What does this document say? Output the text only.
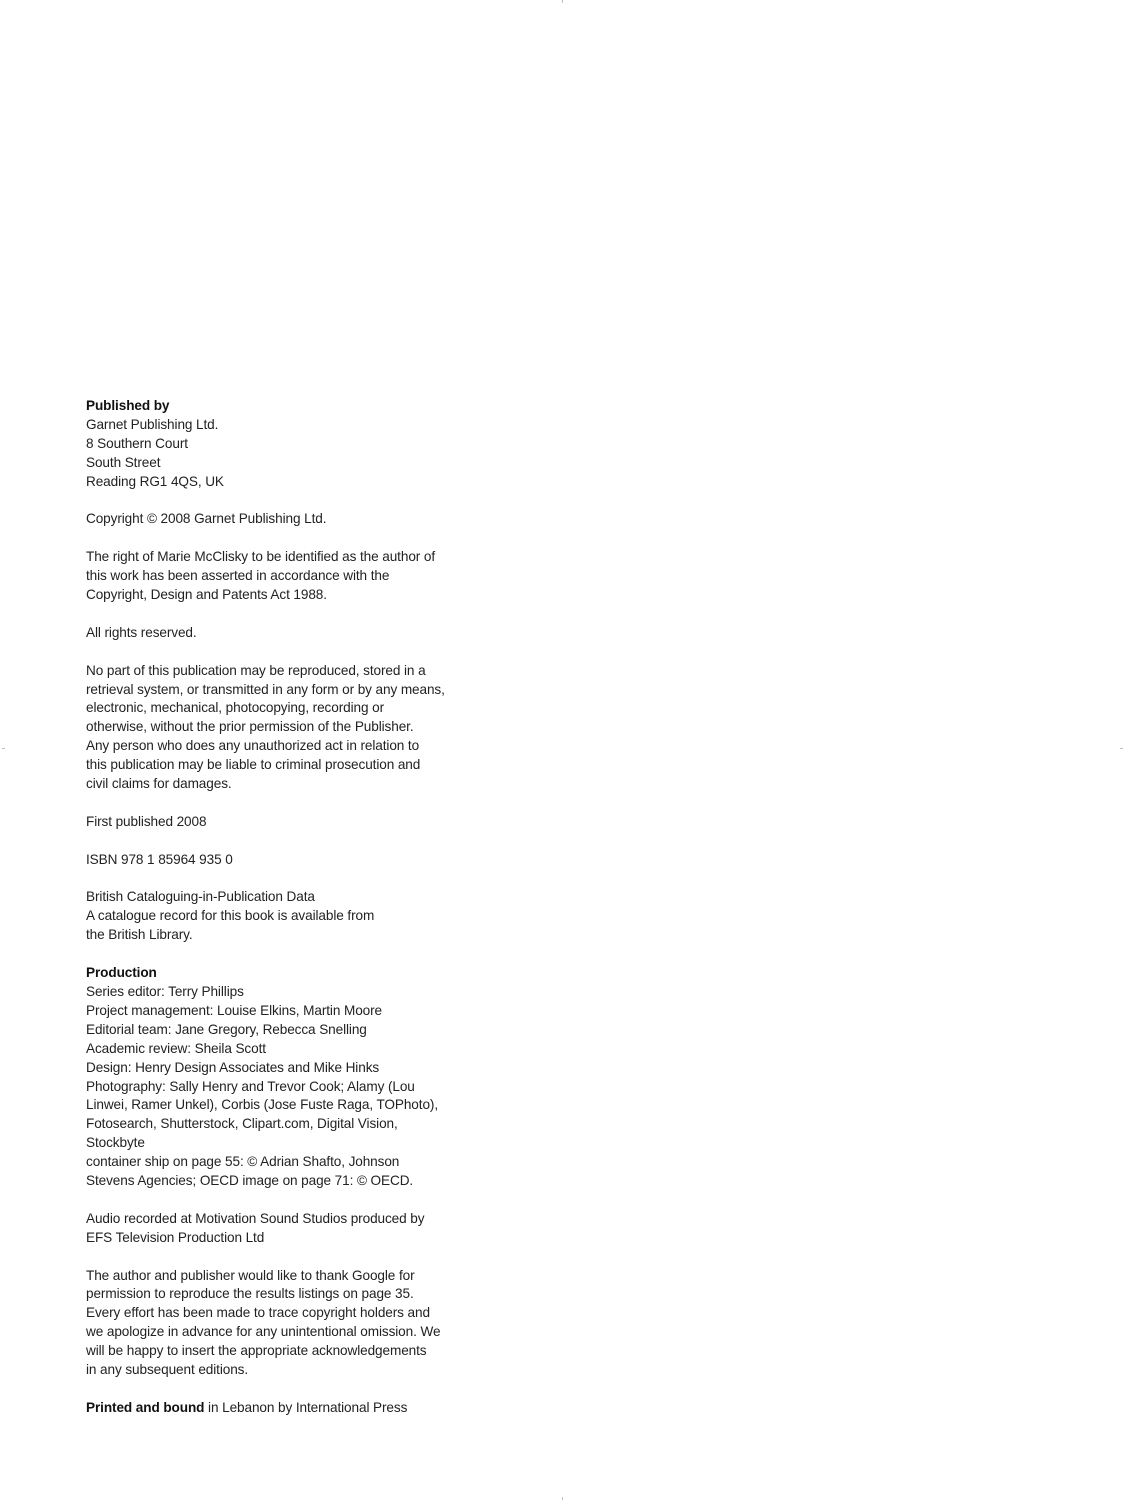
Published by
Garnet Publishing Ltd.
8 Southern Court
South Street
Reading RG1 4QS, UK
Copyright © 2008 Garnet Publishing Ltd.
The right of Marie McClisky to be identified as the author of
this work has been asserted in accordance with the
Copyright, Design and Patents Act 1988.
All rights reserved.
No part of this publication may be reproduced, stored in a
retrieval system, or transmitted in any form or by any means,
electronic, mechanical, photocopying, recording or
otherwise, without the prior permission of the Publisher.
Any person who does any unauthorized act in relation to
this publication may be liable to criminal prosecution and
civil claims for damages.
First published 2008
ISBN 978 1 85964 935 0
British Cataloguing-in-Publication Data
A catalogue record for this book is available from
the British Library.
Production
Series editor: Terry Phillips
Project management: Louise Elkins, Martin Moore
Editorial team: Jane Gregory, Rebecca Snelling
Academic review: Sheila Scott
Design: Henry Design Associates and Mike Hinks
Photography: Sally Henry and Trevor Cook; Alamy (Lou
Linwei, Ramer Unkel), Corbis (Jose Fuste Raga, TOPhoto),
Fotosearch, Shutterstock, Clipart.com, Digital Vision,
Stockbyte
container ship on page 55: © Adrian Shafto, Johnson
Stevens Agencies; OECD image on page 71: © OECD.
Audio recorded at Motivation Sound Studios produced by
EFS Television Production Ltd
The author and publisher would like to thank Google for
permission to reproduce the results listings on page 35.
Every effort has been made to trace copyright holders and
we apologize in advance for any unintentional omission. We
will be happy to insert the appropriate acknowledgements
in any subsequent editions.
Printed and bound in Lebanon by International Press
